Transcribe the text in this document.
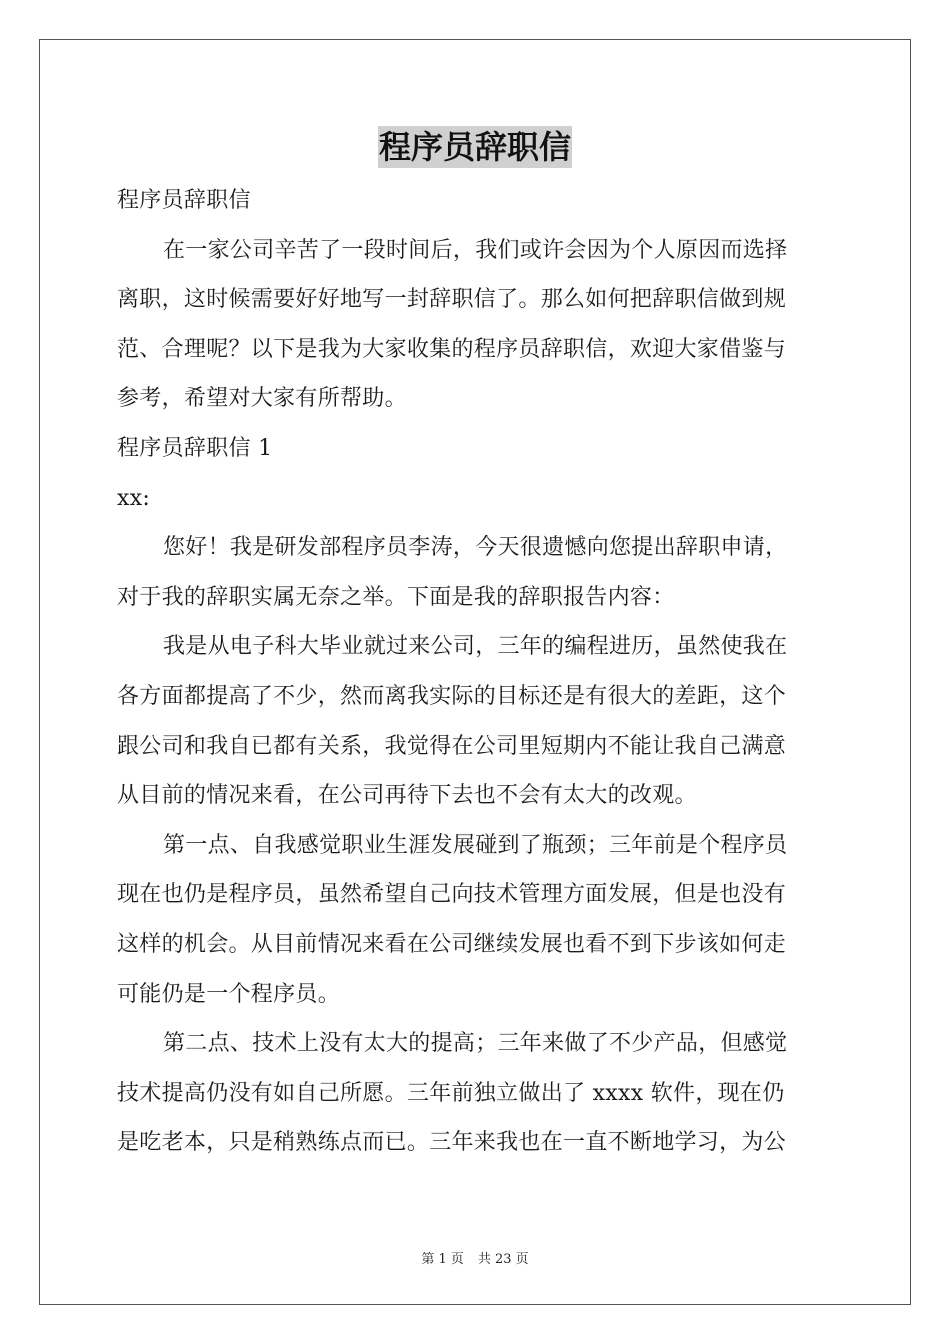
程序员辞职信
程序员辞职信
在一家公司辛苦了一段时间后，我们或许会因为个人原因而选择
离职，这时候需要好好地写一封辞职信了。那么如何把辞职信做到规
范、合理呢？以下是我为大家收集的程序员辞职信，欢迎大家借鉴与
参考，希望对大家有所帮助。
程序员辞职信 1
xx:
您好！我是研发部程序员李涛，今天很遗憾向您提出辞职申请，
对于我的辞职实属无奈之举。下面是我的辞职报告内容：
我是从电子科大毕业就过来公司，三年的编程进历，虽然使我在
各方面都提高了不少，然而离我实际的目标还是有很大的差距，这个
跟公司和我自已都有关系，我觉得在公司里短期内不能让我自己满意
从目前的情况来看，在公司再待下去也不会有太大的改观。
第一点、自我感觉职业生涯发展碰到了瓶颈；三年前是个程序员
现在也仍是程序员，虽然希望自己向技术管理方面发展，但是也没有
这样的机会。从目前情况来看在公司继续发展也看不到下步该如何走
可能仍是一个程序员。
第二点、技术上没有太大的提高；三年来做了不少产品，但感觉
技术提高仍没有如自己所愿。三年前独立做出了 xxxx 软件，现在仍
是吃老本，只是稍熟练点而已。三年来我也在一直不断地学习，为公
第 1 页 共 23 页
